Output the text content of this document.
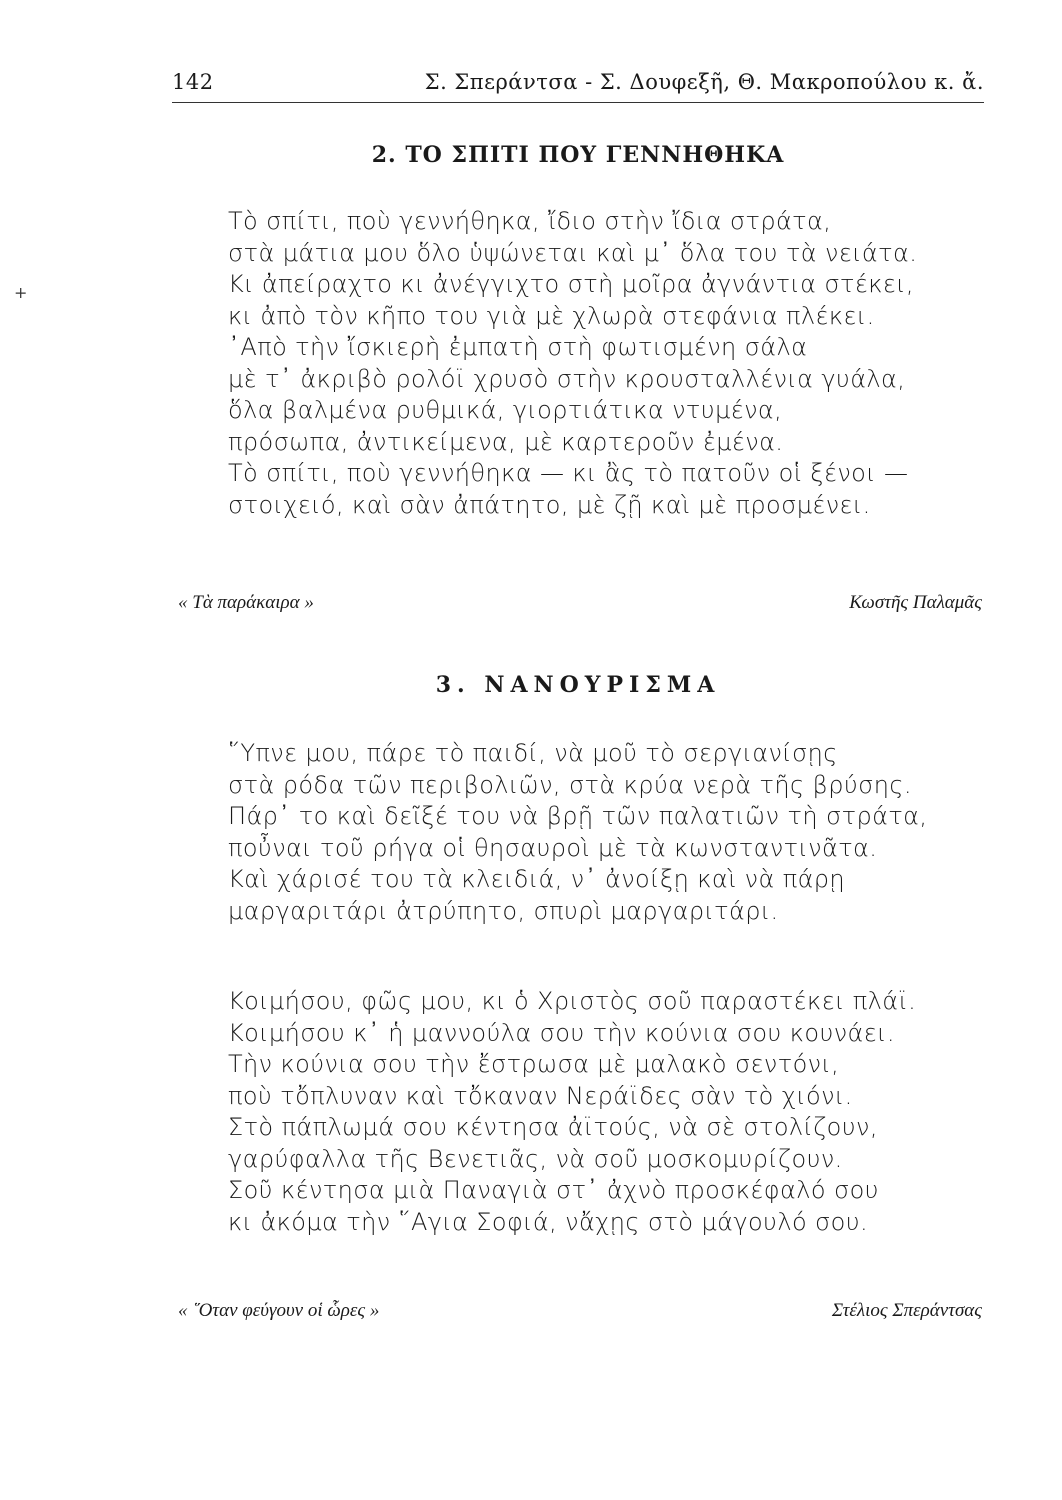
142	Σ. Σπεράντσα - Σ. Δουφεξῆ, Θ. Μακροπούλου κ. ἄ.
+
2. ΤΟ ΣΠΙΤΙ ΠΟΥ ΓΕΝΝΗΘΗΚΑ
Τὸ σπίτι, ποὺ γεννήθηκα, ἴδιο στὴν ἴδια στράτα,
στὰ μάτια μου ὅλο ὑψώνεται καὶ μ᾿ ὅλα του τὰ νειάτα.
Κι ἀπείραχτο κι ἀνέγγιχτο στὴ μοῖρα ἀγνάντια στέκει,
κι ἀπὸ τὸν κῆπο του γιὰ μὲ χλωρὰ στεφάνια πλέκει.
᾿Απὸ τὴν ἴσκιερὴ ἐμπατὴ στὴ φωτισμένη σάλα
μὲ τ᾿ ἀκριβὸ ρολόϊ χρυσὸ στὴν κρουσταλλένια γυάλα,
ὅλα βαλμένα ρυθμικά, γιορτιάτικα ντυμένα,
πρόσωπα, ἀντικείμενα, μὲ καρτεροῦν ἐμένα.
Τὸ σπίτι, ποὺ γεννήθηκα — κι ἂς τὸ πατοῦν οἱ ξένοι —
στοιχειό, καὶ σὰν ἀπάτητο, μὲ ζῇ καὶ μὲ προσμένει.
« Τὰ παράκαιρα »	Κωστῆς Παλαμᾶς
3. ΝΑΝΟΥΡΙΣΜΑ
῞Υπνε μου, πάρε τὸ παιδί, νὰ μοῦ τὸ σεργιανίσῃς
στὰ ρόδα τῶν περιβολιῶν, στὰ κρύα νερὰ τῆς βρύσης.
Πάρ᾿ το καὶ δεῖξέ του νὰ βρῇ τῶν παλατιῶν τὴ στράτα,
ποὖναι τοῦ ρήγα οἱ θησαυροὶ μὲ τὰ κωνσταντινᾶτα.
Καὶ χάρισέ του τὰ κλειδιά, ν᾿ ἀνοίξῃ καὶ νὰ πάρῃ
μαργαριτάρι ἀτρύπητο, σπυρὶ μαργαριτάρι.
Κοιμήσου, φῶς μου, κι ὁ Χριστὸς σοῦ παραστέκει πλάϊ.
Κοιμήσου κ᾿ ἡ μαννούλα σου τὴν κούνια σου κουνάει.
Τὴν κούνια σου τὴν ἔστρωσα μὲ μαλακὸ σεντόνι,
ποὺ τὄπλυναν καὶ τὄκαναν Νεράϊδες σὰν τὸ χιόνι.
Στὸ πάπλωμά σου κέντησα ἀϊτούς, νὰ σὲ στολίζουν,
γαρύφαλλα τῆς Βενετιᾶς, νὰ σοῦ μοσκομυρίζουν.
Σοῦ κέντησα μιὰ Παναγιὰ στ᾿ ἀχνὸ προσκέφαλό σου
κι ἀκόμα τὴν ῞Αγια Σοφιά, νἄχῃς στὸ μάγουλό σου.
« ῞Οταν φεύγουν οἱ ὧρες »	Στέλιος Σπεράντσας
